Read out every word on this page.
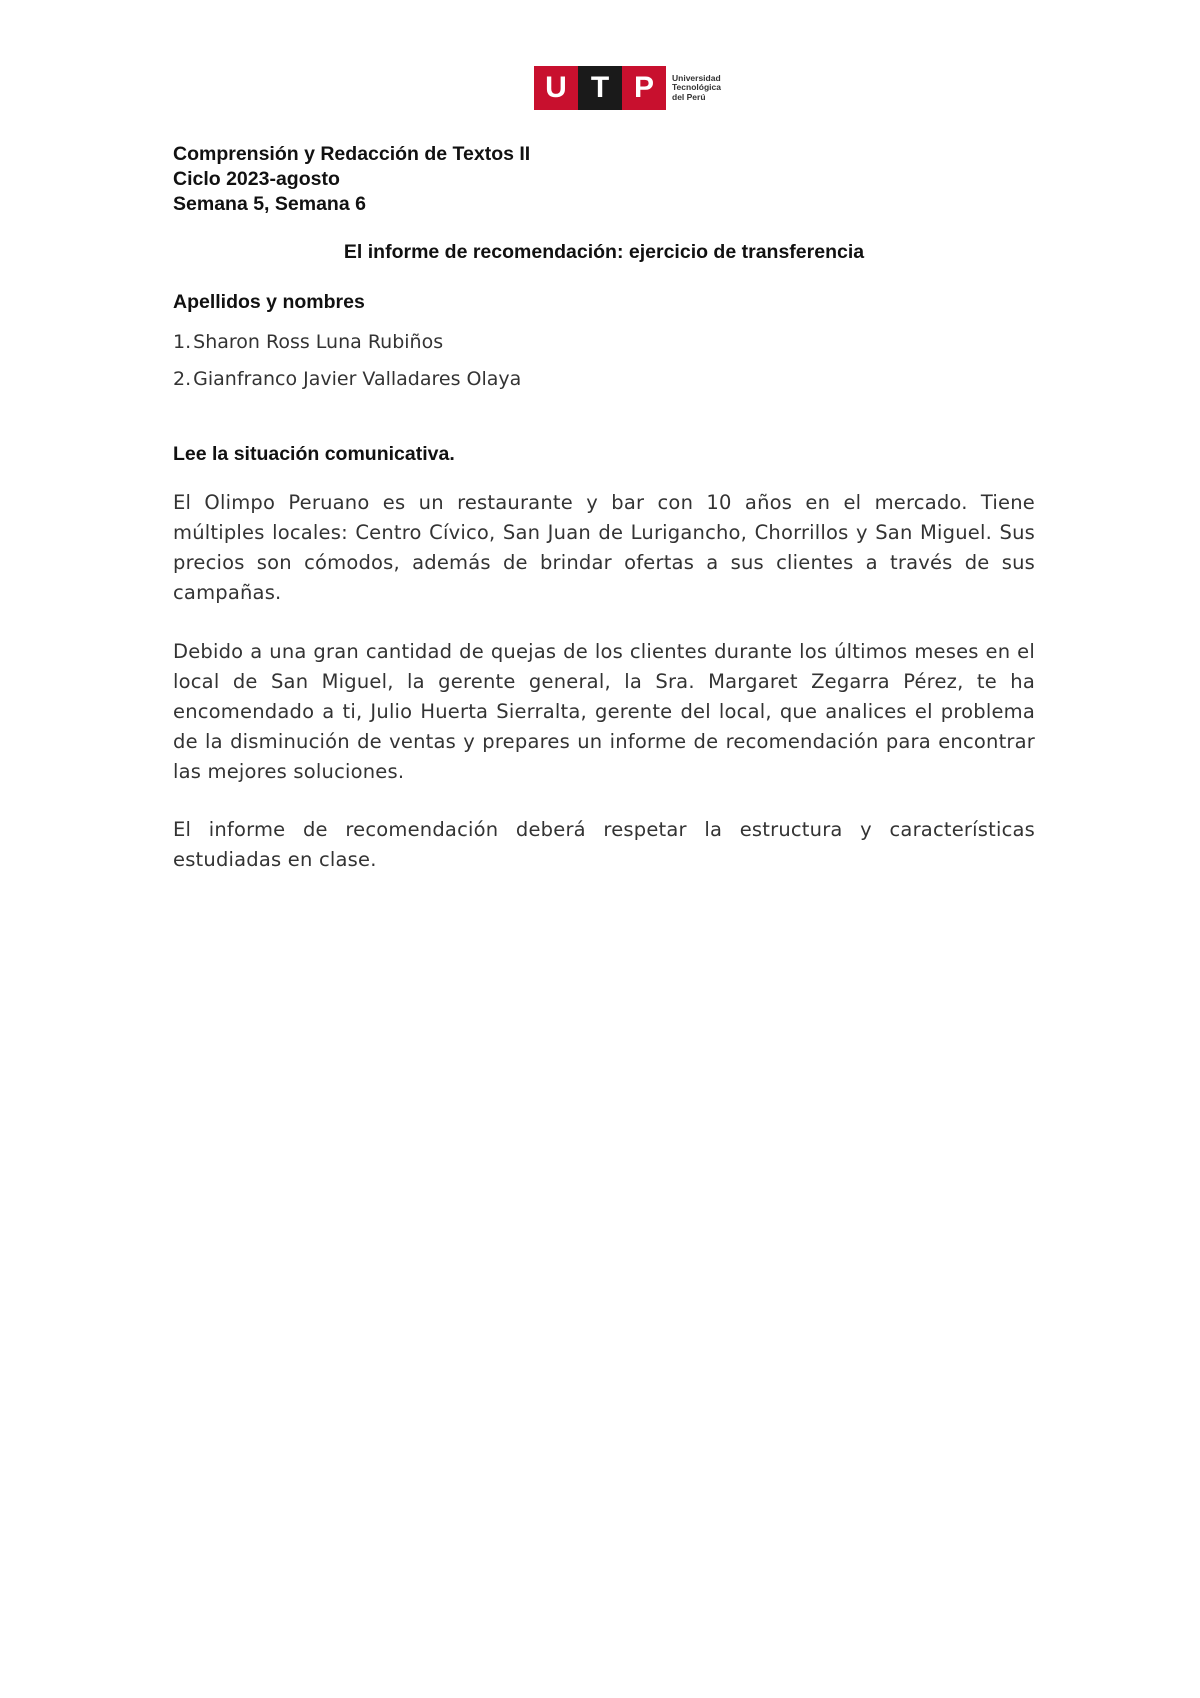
U T P	Universidad
Tecnológica
del Perú
Comprensión y Redacción de Textos II
Ciclo 2023-agosto
Semana 5, Semana 6
El informe de recomendación: ejercicio de transferencia
Apellidos y nombres
1. Sharon Ross Luna Rubiños
2. Gianfranco Javier Valladares Olaya
Lee la situación comunicativa.

El Olimpo Peruano es un restaurante y bar con 10 años en el mercado. Tiene múltiples locales: Centro Cívico, San Juan de Lurigancho, Chorrillos y San Miguel. Sus precios son cómodos, además de brindar ofertas a sus clientes a través de sus campañas.

Debido a una gran cantidad de quejas de los clientes durante los últimos meses en el local de San Miguel, la gerente general, la Sra. Margaret Zegarra Pérez, te ha encomendado a ti, Julio Huerta Sierralta, gerente del local, que analices el problema de la disminución de ventas y prepares un informe de recomendación para encontrar las mejores soluciones.

El informe de recomendación deberá respetar la estructura y características estudiadas en clase.
